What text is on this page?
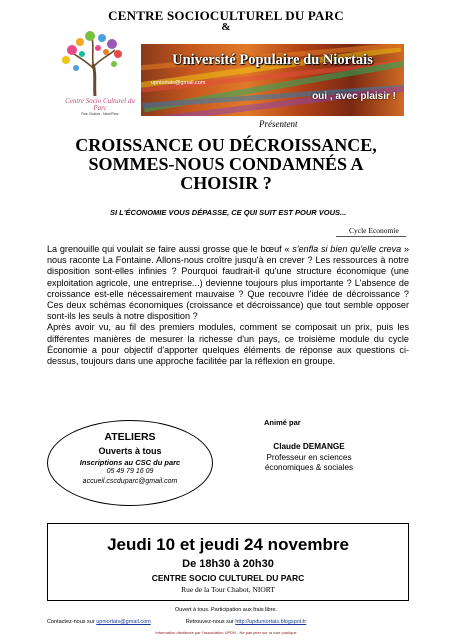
CENTRE SOCIOCULTUREL DU PARC
&
Centre Socio Culturel du Parc
Rue Chabot - Niort/Parc
Université Populaire du Niortais
upniortais@gmail.com
oui , avec plaisir !
Présentent
CROISSANCE OU DÉCROISSANCE,
SOMMES-NOUS CONDAMNÉS A
CHOISIR ?
SI L'ÉCONOMIE VOUS DÉPASSE, CE QUI SUIT EST POUR VOUS...
Cycle Economie

La grenouille qui voulait se faire aussi grosse que le bœuf « s'enfla si bien qu'elle creva » nous raconte La Fontaine. Allons-nous croître jusqu'à en crever ? Les ressources à notre disposition sont-elles infinies ? Pourquoi faudrait-il qu'une structure économique (une exploitation agricole, une entreprise...) devienne toujours plus importante ? L'absence de croissance est-elle nécessairement mauvaise ? Que recouvre l'idée de décroissance ? Ces deux schémas économiques (croissance et décroissance) que tout semble opposer sont-ils les seuls à notre disposition ?

Après avoir vu, au fil des premiers modules, comment se composait un prix, puis les différentes manières de mesurer la richesse d'un pays, ce troisième module du cycle Économie a pour objectif d'apporter quelques éléments de réponse aux questions ci-dessus, toujours dans une approche facilitée par la réflexion en groupe.

ATELIERS
Ouverts à tous
Inscriptions au CSC du parc
05 49 79 16 09
accueil.cscduparc@gmail.com
Animé par
Claude DEMANGE
Professeur en sciences
économiques & sociales
Jeudi 10 et jeudi 24 novembre
De 18h30 à 20h30
CENTRE SOCIO CULTUREL DU PARC
Rue de la Tour Chabot, NIORT
Ouvert à tous. Participation aux frais libre.
Contactez-nous sur upniortais@gmail.com	Retrouvez-nous sur http://upduniortais.blogspot.fr
Information distribuée par l'association UPDN - Ne pas jeter sur la voie publique
